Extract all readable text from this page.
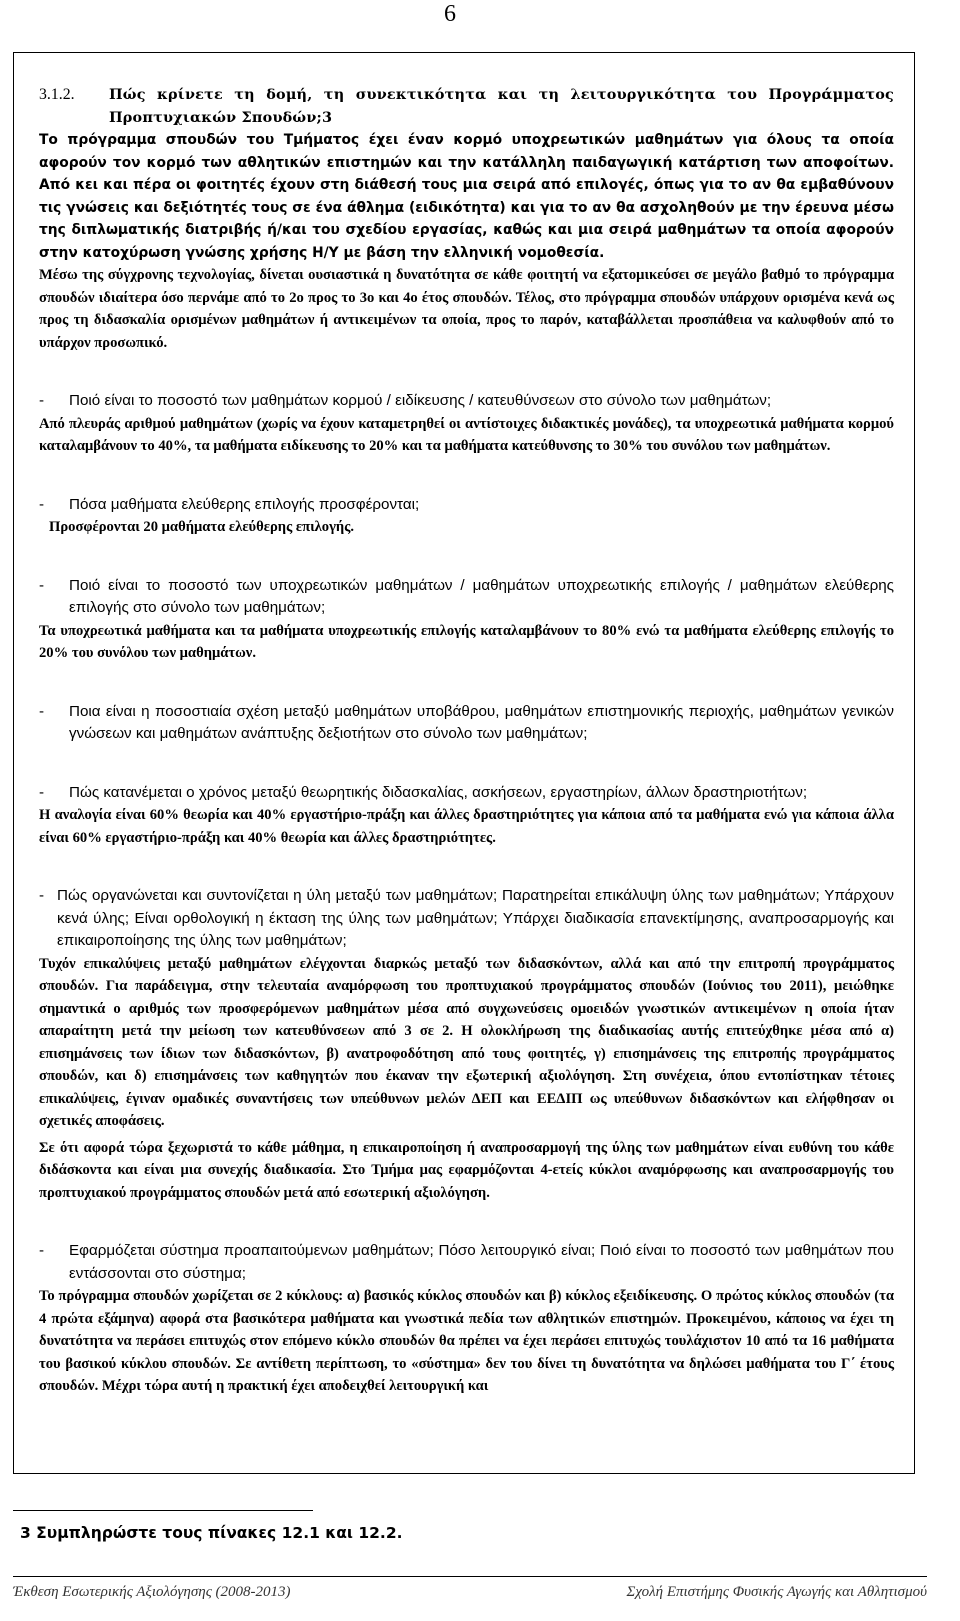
6
3.1.2.	Πώς κρίνετε τη δομή, τη συνεκτικότητα και τη λειτουργικότητα του Προγράμματος Προπτυχιακών Σπουδών;3

Το πρόγραμμα σπουδών του Τμήματος έχει έναν κορμό υποχρεωτικών μαθημάτων για όλους τα οποία αφορούν τον κορμό των αθλητικών επιστημών και την κατάλληλη παιδαγωγική κατάρτιση των αποφοίτων. Από κει και πέρα οι φοιτητές έχουν στη διάθεσή τους μια σειρά από επιλογές, όπως για το αν θα εμβαθύνουν τις γνώσεις και δεξιότητές τους σε ένα άθλημα (ειδικότητα) και για το αν θα ασχοληθούν με την έρευνα μέσω της διπλωματικής διατριβής ή/και του σχεδίου εργασίας, καθώς και μια σειρά μαθημάτων τα οποία αφορούν στην κατοχύρωση γνώσης χρήσης Η/Υ με βάση την ελληνική νομοθεσία.

Μέσω της σύγχρονης τεχνολογίας, δίνεται ουσιαστικά η δυνατότητα σε κάθε φοιτητή να εξατομικεύσει σε μεγάλο βαθμό το πρόγραμμα σπουδών ιδιαίτερα όσο περνάμε από το 2ο προς το 3ο και 4ο έτος σπουδών. Τέλος, στο πρόγραμμα σπουδών υπάρχουν ορισμένα κενά ως προς τη διδασκαλία ορισμένων μαθημάτων ή αντικειμένων τα οποία, προς το παρόν, καταβάλλεται προσπάθεια να καλυφθούν από το υπάρχον προσωπικό.

-	Ποιό είναι το ποσοστό των μαθημάτων κορμού / ειδίκευσης / κατευθύνσεων στο σύνολο των μαθημάτων;

Από πλευράς αριθμού μαθημάτων (χωρίς να έχουν καταμετρηθεί οι αντίστοιχες διδακτικές μονάδες), τα υποχρεωτικά μαθήματα κορμού καταλαμβάνουν το 40%, τα μαθήματα ειδίκευσης το 20% και τα μαθήματα κατεύθυνσης το 30% του συνόλου των μαθημάτων.

-	Πόσα μαθήματα ελεύθερης επιλογής προσφέρονται;

Προσφέρονται 20 μαθήματα ελεύθερης επιλογής.

-	Ποιό είναι το ποσοστό των υποχρεωτικών μαθημάτων / μαθημάτων υποχρεωτικής επιλογής / μαθημάτων ελεύθερης επιλογής στο σύνολο των μαθημάτων;

Τα υποχρεωτικά μαθήματα και τα μαθήματα υποχρεωτικής επιλογής καταλαμβάνουν το 80% ενώ τα μαθήματα ελεύθερης επιλογής το 20% του συνόλου των μαθημάτων.

-	Ποια είναι η ποσοστιαία σχέση μεταξύ μαθημάτων υποβάθρου, μαθημάτων επιστημονικής περιοχής, μαθημάτων γενικών γνώσεων και μαθημάτων ανάπτυξης δεξιοτήτων στο σύνολο των μαθημάτων;
-	Πώς κατανέμεται ο χρόνος μεταξύ θεωρητικής διδασκαλίας, ασκήσεων, εργαστηρίων, άλλων δραστηριοτήτων;

Η αναλογία είναι 60% θεωρία και 40% εργαστήριο-πράξη και άλλες δραστηριότητες για κάποια από τα μαθήματα ενώ για κάποια άλλα είναι 60% εργαστήριο-πράξη και 40% θεωρία και άλλες δραστηριότητες.

- Πώς οργανώνεται και συντονίζεται η ύλη μεταξύ των μαθημάτων; Παρατηρείται επικάλυψη ύλης των μαθημάτων; Υπάρχουν κενά ύλης; Είναι ορθολογική η έκταση της ύλης των μαθημάτων; Υπάρχει διαδικασία επανεκτίμησης, αναπροσαρμογής και επικαιροποίησης της ύλης των μαθημάτων;

Τυχόν επικαλύψεις μεταξύ μαθημάτων ελέγχονται διαρκώς μεταξύ των διδασκόντων, αλλά και από την επιτροπή προγράμματος σπουδών. Για παράδειγμα, στην τελευταία αναμόρφωση του προπτυχιακού προγράμματος σπουδών (Ιούνιος του 2011), μειώθηκε σημαντικά ο αριθμός των προσφερόμενων μαθημάτων μέσα από συγχωνεύσεις ομοειδών γνωστικών αντικειμένων η οποία ήταν απαραίτητη μετά την μείωση των κατευθύνσεων από 3 σε 2. Η ολοκλήρωση της διαδικασίας αυτής επιτεύχθηκε μέσα από α) επισημάνσεις των ίδιων των διδασκόντων, β) ανατροφοδότηση από τους φοιτητές, γ) επισημάνσεις της επιτροπής προγράμματος σπουδών, και δ) επισημάνσεις των καθηγητών που έκαναν την εξωτερική αξιολόγηση. Στη συνέχεια, όπου εντοπίστηκαν τέτοιες επικαλύψεις, έγιναν ομαδικές συναντήσεις των υπεύθυνων μελών ΔΕΠ και ΕΕΔΙΠ ως υπεύθυνων διδασκόντων και ελήφθησαν οι σχετικές αποφάσεις.

Σε ότι αφορά τώρα ξεχωριστά το κάθε μάθημα, η επικαιροποίηση ή αναπροσαρμογή της ύλης των μαθημάτων είναι ευθύνη του κάθε διδάσκοντα και είναι μια συνεχής διαδικασία. Στο Τμήμα μας εφαρμόζονται 4-ετείς κύκλοι αναμόρφωσης και αναπροσαρμογής του προπτυχιακού προγράμματος σπουδών μετά από εσωτερική αξιολόγηση.

-	Εφαρμόζεται σύστημα προαπαιτούμενων μαθημάτων; Πόσο λειτουργικό είναι; Ποιό είναι το ποσοστό των μαθημάτων που εντάσσονται στο σύστημα;

Το πρόγραμμα σπουδών χωρίζεται σε 2 κύκλους: α) βασικός κύκλος σπουδών και β) κύκλος εξειδίκευσης. Ο πρώτος κύκλος σπουδών (τα 4 πρώτα εξάμηνα) αφορά στα βασικότερα μαθήματα και γνωστικά πεδία των αθλητικών επιστημών. Προκειμένου, κάποιος να έχει τη δυνατότητα να περάσει επιτυχώς στον επόμενο κύκλο σπουδών θα πρέπει να έχει περάσει επιτυχώς τουλάχιστον 10 από τα 16 μαθήματα του βασικού κύκλου σπουδών. Σε αντίθετη περίπτωση, το «σύστημα» δεν του δίνει τη δυνατότητα να δηλώσει μαθήματα του Γ΄ έτους σπουδών. Μέχρι τώρα αυτή η πρακτική έχει αποδειχθεί λειτουργική και

3 Συμπληρώστε τους πίνακες 12.1 και 12.2.
Έκθεση Εσωτερικής Αξιολόγησης (2008-2013)	Σχολή Επιστήμης Φυσικής Αγωγής και Αθλητισμού
